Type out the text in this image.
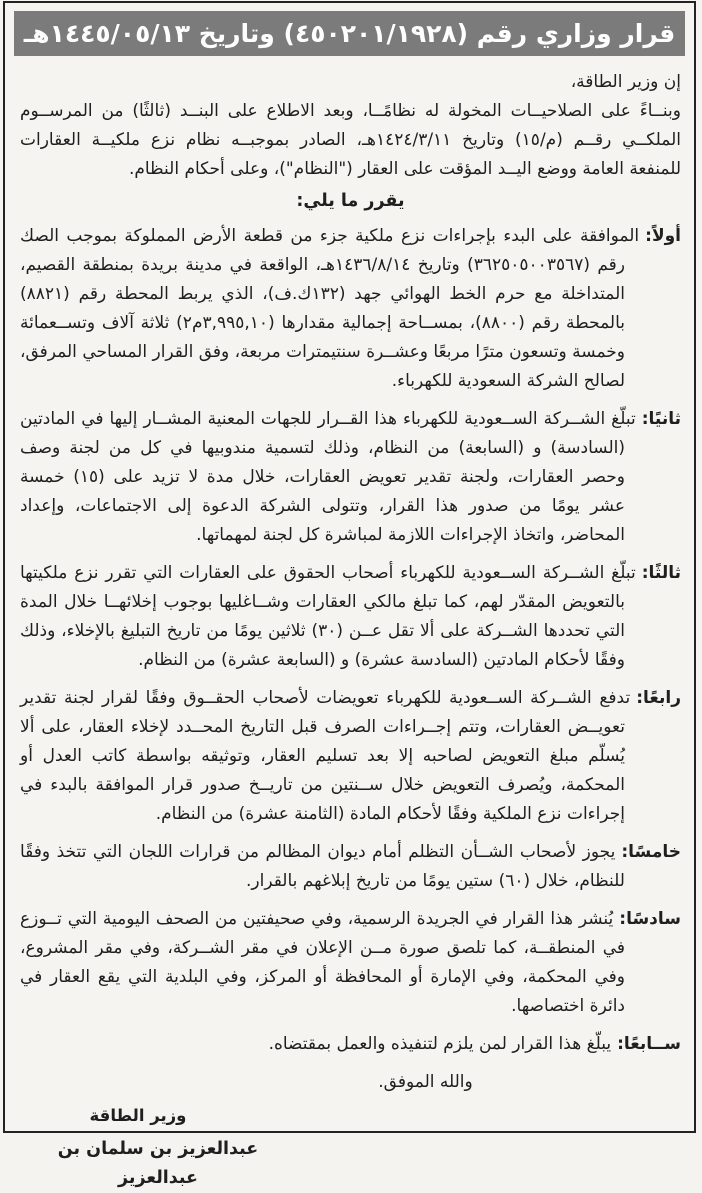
قرار وزاري رقم (٤٥٠٢٠١/١٩٢٨) وتاريخ ١٤٤٥/٠٥/١٣هـ

إن وزير الطاقة،

وبنــاءً على الصلاحيــات المخولة له نظامًــا، وبعد الاطلاع على البنــد (ثالثًا) من المرســوم الملكــي رقــم (م/١٥) وتاريخ ١٤٢٤/٣/١١هـ، الصادر بموجبــه نظام نزع ملكيــة العقارات للمنفعة العامة ووضع اليــد المؤقت على العقار ("النظام")، وعلى أحكام النظام.

يقرر ما يلي:

أولاً:الموافقة على البدء بإجراءات نزع ملكية جزء من قطعة الأرض المملوكة بموجب الصك رقم (٣٦٢٥٠٥٠٠٣٥٦٧) وتاريخ ١٤٣٦/٨/١٤هـ، الواقعة في مدينة بريدة بمنطقة القصيم، المتداخلة مع حرم الخط الهوائي جهد (١٣٢ك.ف)، الذي يربط المحطة رقم (٨٨٢١) بالمحطة رقم (٨٨٠٠)، بمســاحة إجمالية مقدارها (٣,٩٩٥,١٠م٢) ثلاثة آلاف وتســعمائة وخمسة وتسعون مترًا مربعًا وعشــرة سنتيمترات مربعة، وفق القرار المساحي المرفق، لصالح الشركة السعودية للكهرباء.

ثانيًا:تبلّغ الشــركة الســعودية للكهرباء هذا القــرار للجهات المعنية المشــار إليها في المادتين (السادسة) و (السابعة) من النظام، وذلك لتسمية مندوبيها في كل من لجنة وصف وحصر العقارات، ولجنة تقدير تعويض العقارات، خلال مدة لا تزيد على (١٥) خمسة عشر يومًا من صدور هذا القرار، وتتولى الشركة الدعوة إلى الاجتماعات، وإعداد المحاضر، واتخاذ الإجراءات اللازمة لمباشرة كل لجنة لمهماتها.

ثالثًا:تبلّغ الشــركة الســعودية للكهرباء أصحاب الحقوق على العقارات التي تقرر نزع ملكيتها بالتعويض المقدّر لهم، كما تبلغ مالكي العقارات وشــاغليها بوجوب إخلائهــا خلال المدة التي تحددها الشــركة على ألا تقل عــن (٣٠) ثلاثين يومًا من تاريخ التبليغ بالإخلاء، وذلك وفقًا لأحكام المادتين (السادسة عشرة) و (السابعة عشرة) من النظام.

رابعًا:تدفع الشــركة الســعودية للكهرباء تعويضات لأصحاب الحقــوق وفقًا لقرار لجنة تقدير تعويــض العقارات، وتتم إجــراءات الصرف قبل التاريخ المحــدد لإخلاء العقار، على ألا يُسلّم مبلغ التعويض لصاحبه إلا بعد تسليم العقار، وتوثيقه بواسطة كاتب العدل أو المحكمة، ويُصرف التعويض خلال ســنتين من تاريــخ صدور قرار الموافقة بالبدء في إجراءات نزع الملكية وفقًا لأحكام المادة (الثامنة عشرة) من النظام.

خامسًا:يجوز لأصحاب الشــأن التظلم أمام ديوان المظالم من قرارات اللجان التي تتخذ وفقًا للنظام، خلال (٦٠) ستين يومًا من تاريخ إبلاغهم بالقرار.

سادسًا:يُنشر هذا القرار في الجريدة الرسمية، وفي صحيفتين من الصحف اليومية التي تــوزع في المنطقــة، كما تلصق صورة مــن الإعلان في مقر الشــركة، وفي مقر المشروع، وفي المحكمة، وفي الإمارة أو المحافظة أو المركز، وفي البلدية التي يقع العقار في دائرة اختصاصها.

ســابعًا:يبلّغ هذا القرار لمن يلزم لتنفيذه والعمل بمقتضاه.

والله الموفق.

وزير الطاقة

عبدالعزيز بن سلمان بن عبدالعزيز
